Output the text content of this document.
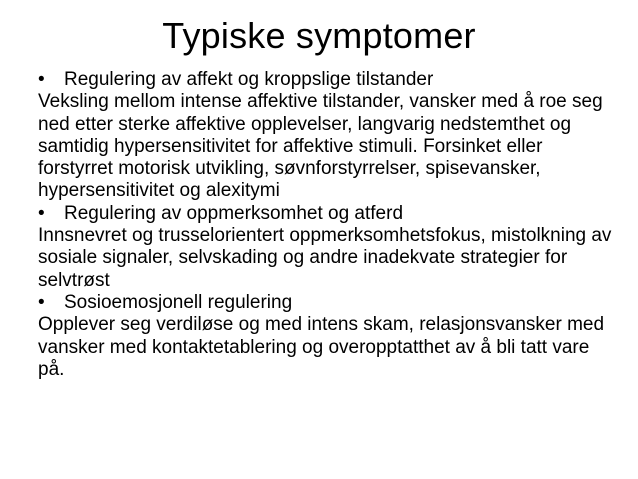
Typiske symptomer
•	Regulering av affekt og kroppslige tilstander

Veksling mellom intense affektive tilstander, vansker med å roe seg ned etter sterke affektive opplevelser, langvarig nedstemthet og samtidig hypersensitivitet for affektive stimuli. Forsinket eller forstyrret motorisk utvikling, søvnforstyrrelser, spisevansker, hypersensitivitet og alexitymi

•	Regulering av oppmerksomhet og atferd

Innsnevret og trusselorientert oppmerksomhetsfokus, mistolkning av sosiale signaler, selvskading og andre inadekvate strategier for selvtrøst

•	Sosioemosjonell regulering

Opplever seg verdiløse og med intens skam, relasjonsvansker med vansker med kontaktetablering og overopptatthet av å bli tatt vare på.
